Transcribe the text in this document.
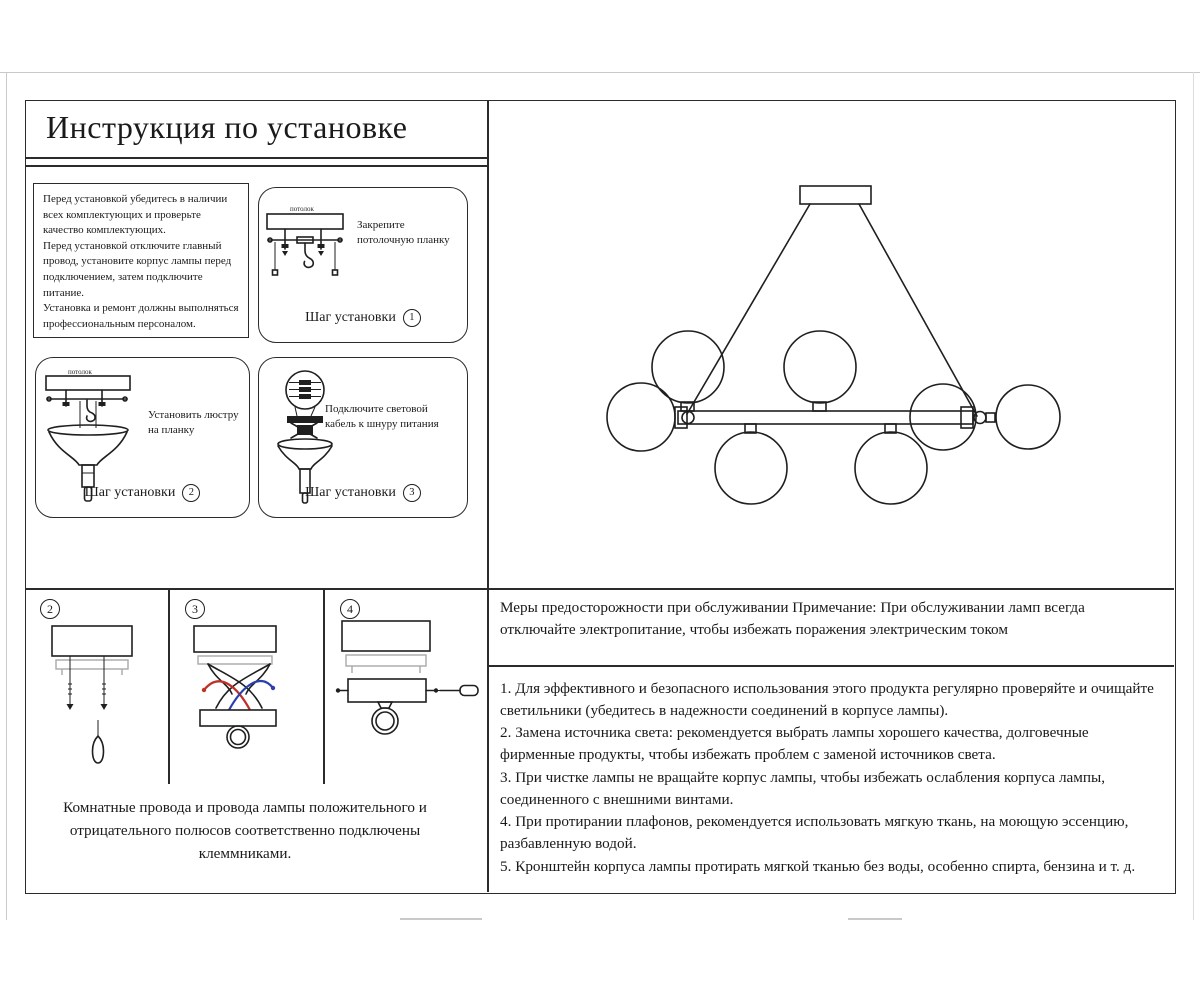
Инструкция по установке

Перед установкой убедитесь в наличии всех комплектующих и проверьте качество комплектующих.

Перед установкой отключите главный провод, установите корпус лампы перед подключением, затем подключите питание.

Установка и ремонт должны выполняться профессиональным персоналом.

потолок
Закрепите потолочную планку
Шаг установки	1
потолок
Установить люстру на планку
Шаг установки	2
Подключите световой кабель к шнуру питания
Шаг установки	3
2	3	4
Комнатные провода и провода лампы положительного и отрицательного полюсов соответственно подключены клеммниками.
Меры предосторожности при обслуживании Примечание: При обслуживании ламп всегда отключайте электропитание, чтобы избежать поражения электрическим током
1. Для эффективного и безопасного использования этого продукта регулярно проверяйте и очищайте светильники (убедитесь в надежности соединений в корпусе лампы).
2. Замена источника света: рекомендуется выбрать лампы хорошего качества, долговечные фирменные продукты, чтобы избежать проблем с заменой источников света.
3. При чистке лампы не вращайте корпус лампы, чтобы избежать ослабления корпуса лампы, соединенного с внешними винтами.
4. При протирании плафонов, рекомендуется использовать мягкую ткань, на моющую эссенцию, разбавленную водой.
5. Кронштейн корпуса лампы протирать мягкой тканью без воды, особенно спирта, бензина и т. д.
